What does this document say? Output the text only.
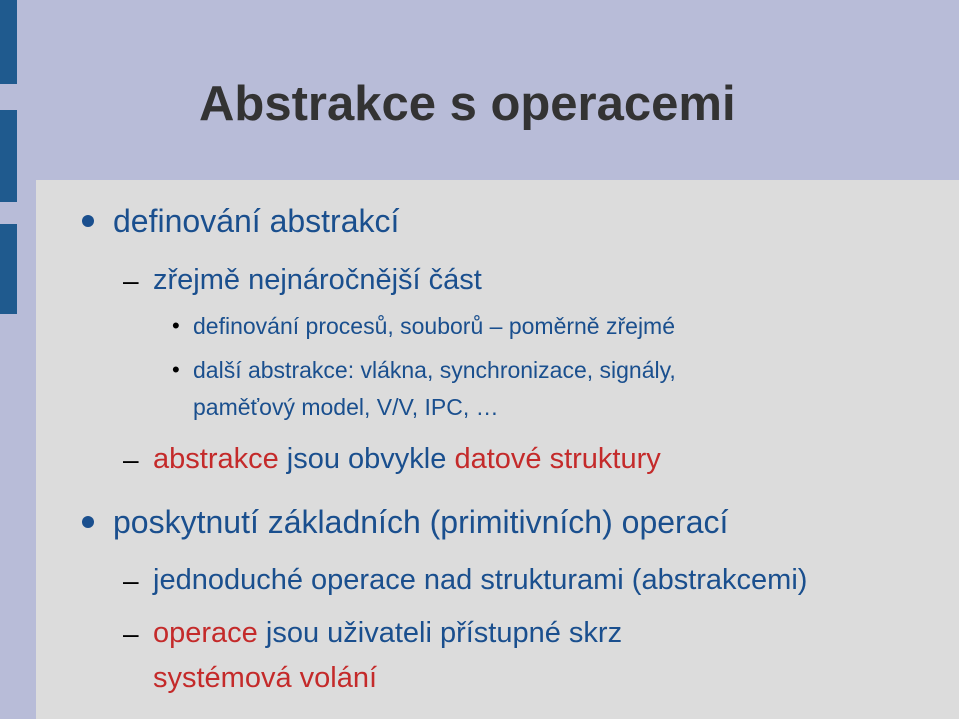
Abstrakce s operacemi
definování abstrakcí
– zřejmě nejnáročnější část
• definování procesů, souborů ‒ poměrně zřejmé
• další abstrakce: vlákna, synchronizace, signály,
paměťový model, V/V, IPC, …
– abstrakce jsou obvykle datové struktury
poskytnutí základních (primitivních) operací
– jednoduché operace nad strukturami (abstrakcemi)
– operace jsou uživateli přístupné skrz
systémová volání
